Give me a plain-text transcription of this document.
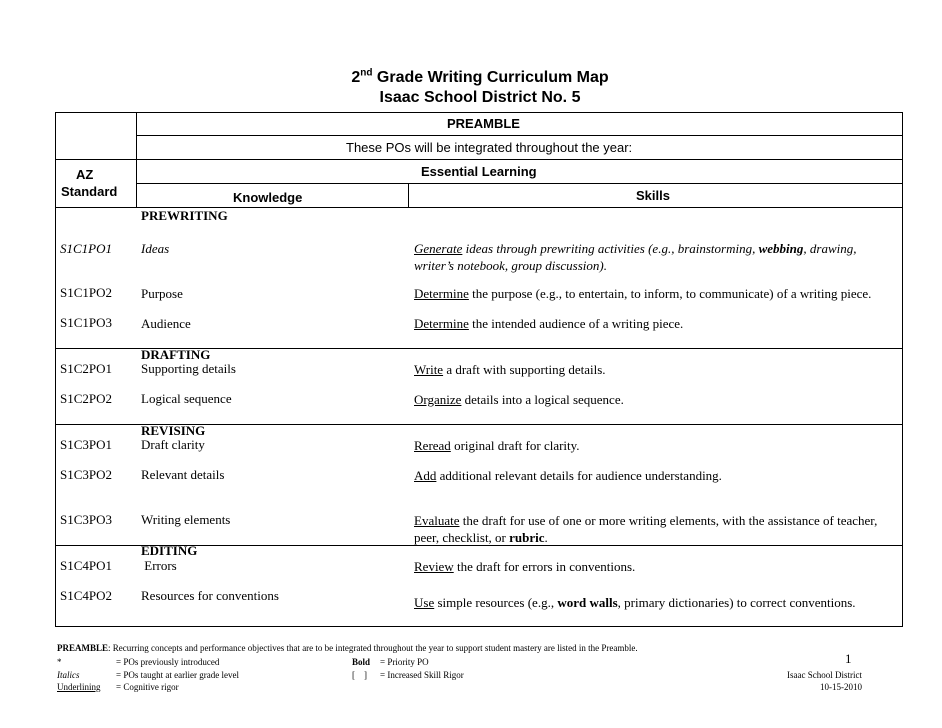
2nd Grade Writing Curriculum Map
Isaac School District No. 5
PREAMBLE
These POs will be integrated throughout the year:
AZ
Standard
Essential Learning
Knowledge	Skills
PREWRITING
DRAFTING
REVISING
EDITING
S1C1PO1 Ideas	Generate ideas through prewriting activities (e.g., brainstorming, webbing, drawing, writer’s notebook, group discussion).
S1C1PO2 Purpose	Determine the purpose (e.g., to entertain, to inform, to communicate) of a writing piece.
S1C1PO3 Audience	Determine the intended audience of a writing piece.
S1C2PO1 Supporting details	Write a draft with supporting details.
S1C2PO2 Logical sequence	Organize details into a logical sequence.
S1C3PO1 Draft clarity	Reread original draft for clarity.
S1C3PO2 Relevant details	Add additional relevant details for audience understanding.
S1C3PO3 Writing elements	Evaluate the draft for use of one or more writing elements, with the assistance of teacher, peer, checklist, or rubric.
S1C4PO1 Errors	Review the draft for errors in conventions.
S1C4PO2 Resources for conventions	Use simple resources (e.g., word walls, primary dictionaries) to correct conventions.
PREAMBLE: Recurring concepts and performance objectives that are to be integrated throughout the year to support student mastery are listed in the Preamble.
*	= POs previously introduced
Italics	= POs taught at earlier grade level
Underlining = Cognitive rigor
Bold = Priority PO
[    ] = Increased Skill Rigor
1
Isaac School District
10-15-2010
